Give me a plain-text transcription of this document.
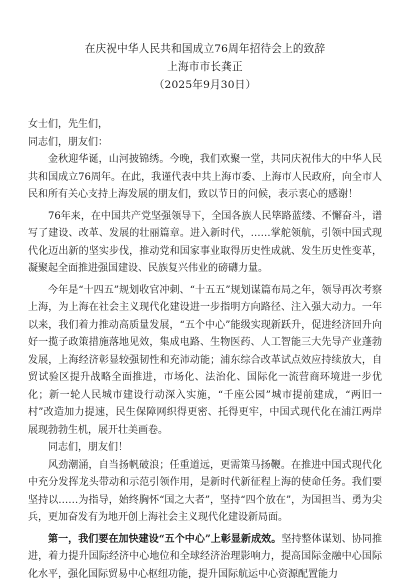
在庆祝中华人民共和国成立76周年招待会上的致辞
上海市市长龚正
（2025年9月30日）
女士们，先生们，
同志们，朋友们：

金秋迎华诞，山河披锦绣。今晚，我们欢聚一堂，共同庆祝伟大的中华人民共和国成立76周年。在此，我谨代表中共上海市委、上海市人民政府，向全市人民和所有关心支持上海发展的朋友们，致以节日的问候，表示衷心的感谢！

76年来，在中国共产党坚强领导下，全国各族人民筚路蓝缕、不懈奋斗，谱写了建设、改革、发展的壮丽篇章。进入新时代，……掌舵领航，引领中国式现代化迈出新的坚实步伐，推动党和国家事业取得历史性成就、发生历史性变革，凝聚起全面推进强国建设、民族复兴伟业的磅礴力量。

今年是“十四五”规划收官冲刺、“十五五”规划谋篇布局之年，领导再次考察上海，为上海在社会主义现代化建设进一步指明方向路径、注入强大动力。一年以来，我们着力推动高质量发展，“五个中心”能级实现新跃升，促进经济回升向好一揽子政策措施落地见效，集成电路、生物医药、人工智能三大先导产业蓬勃发展，上海经济彰显较强韧性和充沛动能；浦东综合改革试点效应持续放大，自贸试验区提升战略全面推进，市场化、法治化、国际化一流营商环境进一步优化；新一轮人民城市建设行动深入实施，“千座公园”城市提前建成，“两旧一村”改造加力提速，民生保障网织得更密、托得更牢，中国式现代化在浦江两岸展现勃勃生机，展开壮美画卷。

同志们，朋友们！

风劲潮涌，自当扬帆破浪；任重道远，更需策马扬鞭。在推进中国式现代化中充分发挥龙头带动和示范引领作用，是新时代新征程上海的使命任务。我们要坚持以……为指导，始终胸怀“国之大者”，坚持“四个放在”，为国担当、勇为尖兵，更加奋发有为地开创上海社会主义现代化建设新局面。

第一，我们要在加快建设“五个中心”上彰显新成效。坚持整体谋划、协同推进，着力提升国际经济中心地位和全球经济治理影响力，提高国际金融中心国际化水平，强化国际贸易中心枢纽功能，提升国际航运中心资源配置能力
